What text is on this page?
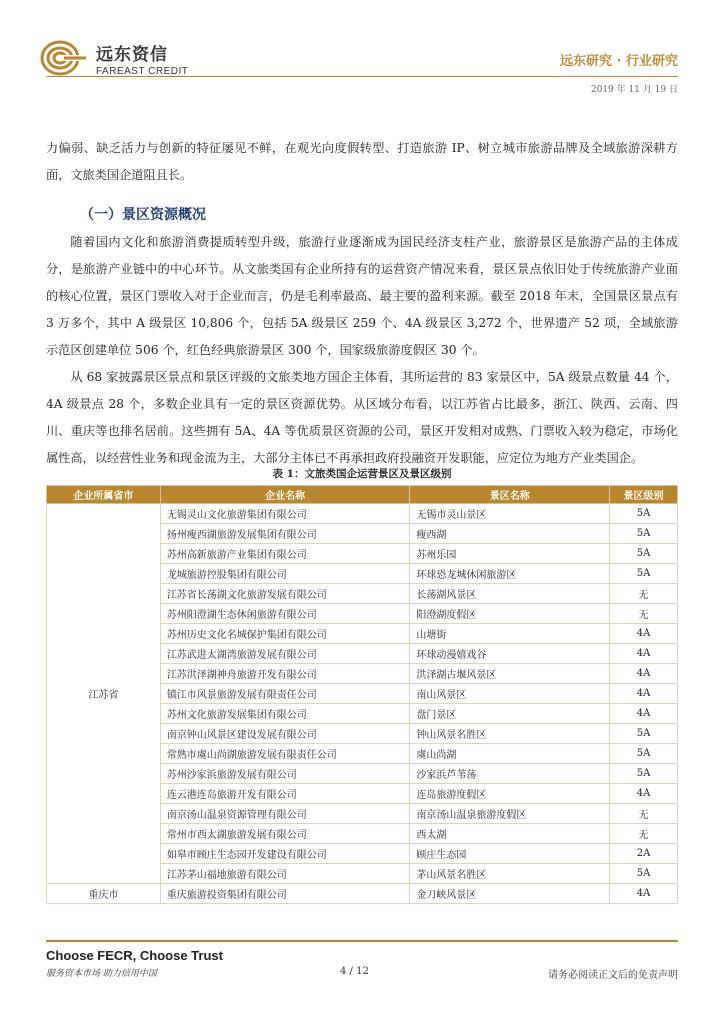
远东资信
FAREAST CREDIT
远东研究 · 行业研究
2019 年 11 月 19 日

力偏弱、缺乏活力与创新的特征屡见不鲜，在观光向度假转型、打造旅游 IP、树立城市旅游品牌及全域旅游深耕方面，文旅类国企道阻且长。

（一）景区资源概况

随着国内文化和旅游消费提质转型升级，旅游行业逐渐成为国民经济支柱产业，旅游景区是旅游产品的主体成分，是旅游产业链中的中心环节。从文旅类国有企业所持有的运营资产情况来看，景区景点依旧处于传统旅游产业面的核心位置，景区门票收入对于企业而言，仍是毛利率最高、最主要的盈利来源。截至 2018 年末，全国景区景点有 3 万多个，其中 A 级景区 10,806 个，包括 5A 级景区 259 个、4A 级景区 3,272 个，世界遗产 52 项，全域旅游示范区创建单位 506 个，红色经典旅游景区 300 个，国家级旅游度假区 30 个。

从 68 家披露景区景点和景区评级的文旅类地方国企主体看，其所运营的 83 家景区中，5A 级景点数量 44 个，4A 级景点 28 个，多数企业具有一定的景区资源优势。从区域分布看，以江苏省占比最多，浙江、陕西、云南、四川、重庆等也排名居前。这些拥有 5A、4A 等优质景区资源的公司，景区开发相对成熟、门票收入较为稳定，市场化属性高，以经营性业务和现金流为主，大部分主体已不再承担政府投融资开发职能，应定位为地方产业类国企。

表 1：文旅类国企运营景区及景区级别
企业所属省市	企业名称	景区名称	景区级别
江苏省	无锡灵山文化旅游集团有限公司	无锡市灵山景区	5A
	扬州瘦西湖旅游发展集团有限公司	瘦西湖	5A
	苏州高新旅游产业集团有限公司	苏州乐园	5A
	龙城旅游控股集团有限公司	环球恐龙城休闲旅游区	5A
	江苏省长荡湖文化旅游发展有限公司	长荡湖风景区	无
	苏州阳澄湖生态休闲旅游有限公司	阳澄湖度假区	无
	苏州历史文化名城保护集团有限公司	山塘街	4A
	江苏武进太湖湾旅游发展有限公司	环球动漫嬉戏谷	4A
	江苏洪泽湖神舟旅游开发有限公司	洪泽湖古堰风景区	4A
	镇江市风景旅游发展有限责任公司	南山风景区	4A
	苏州文化旅游发展集团有限公司	盘门景区	4A
	南京钟山风景区建设发展有限公司	钟山风景名胜区	5A
	常熟市虞山尚湖旅游发展有限责任公司	虞山尚湖	5A
	苏州沙家浜旅游发展有限公司	沙家浜芦苇荡	5A
	连云港连岛旅游开发有限公司	连岛旅游度假区	4A
	南京汤山温泉资源管理有限公司	南京汤山温泉旅游度假区	无
	常州市西太湖旅游发展有限公司	西太湖	无
	如皋市顾庄生态园开发建设有限公司	顾庄生态园	2A
	江苏茅山福地旅游有限公司	茅山风景名胜区	5A
重庆市	重庆旅游投资集团有限公司	金刀峡风景区	4A
Choose FECR, Choose Trust
服务资本市场 助力信用中国	4 / 12	请务必阅读正文后的免责声明
